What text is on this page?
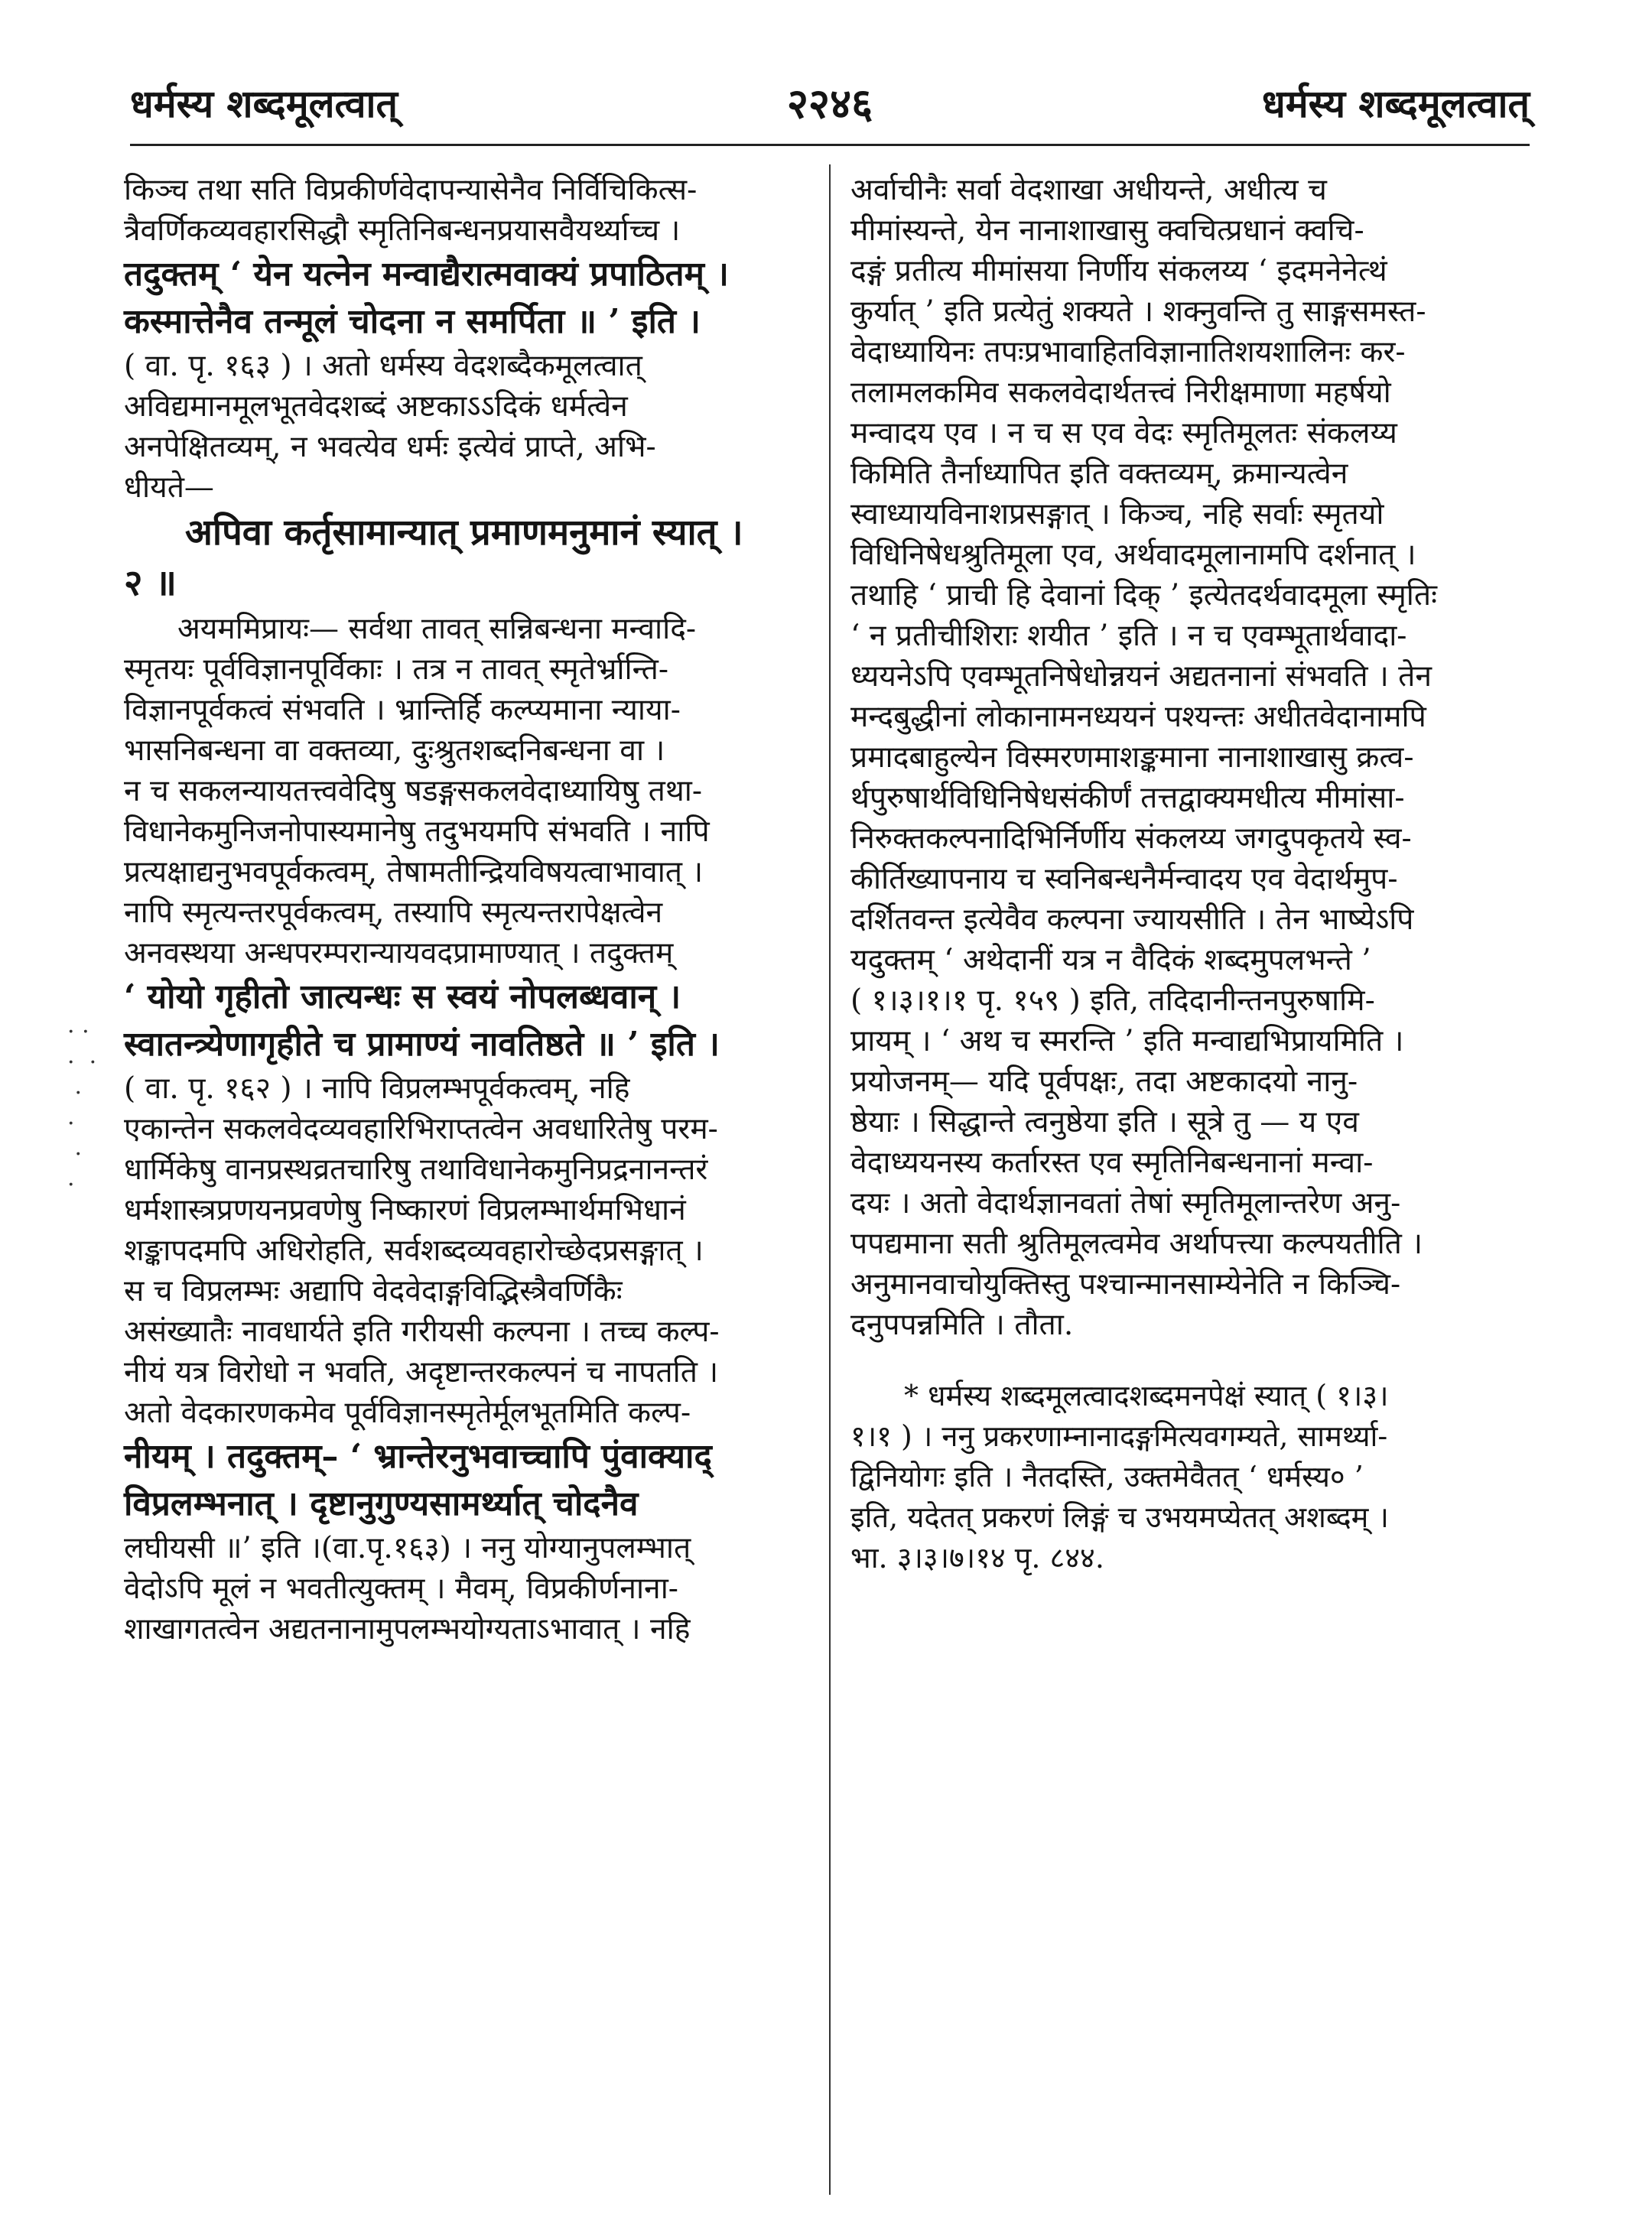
धर्मस्य शब्दमूलत्वात्	२२४६	धर्मस्य शब्दमूलत्वात्
· ·
·  ·
·
·
·
·
किञ्च तथा सति विप्रकीर्णवेदापन्यासेनैव निर्विचिकित्स-
त्रैवर्णिकव्यवहारसिद्धौ स्मृतिनिबन्धनप्रयासवैयर्थ्याच्च ।
तदुक्तम् ‘ येन यत्नेन मन्वाद्यैरात्मवाक्यं प्रपाठितम् ।
कस्मात्तेनैव तन्मूलं चोदना न समर्पिता ॥ ’ इति ।
( वा. पृ. १६३ ) । अतो धर्मस्य वेदशब्दैकमूलत्वात्
अविद्यमानमूलभूतवेदशब्दं अष्टकाऽऽदिकं धर्मत्वेन
अनपेक्षितव्यम्, न भवत्येव धर्मः इत्येवं प्राप्ते, अभि-
धीयते—
अपिवा कर्तृसामान्यात् प्रमाणमनुमानं स्यात् ।
२ ॥
अयममिप्रायः— सर्वथा तावत् सन्निबन्धना मन्वादि-
स्मृतयः पूर्वविज्ञानपूर्विकाः । तत्र न तावत् स्मृतेर्भ्रान्ति-
विज्ञानपूर्वकत्वं संभवति । भ्रान्तिर्हि कल्प्यमाना न्याया-
भासनिबन्धना वा वक्तव्या, दुःश्रुतशब्दनिबन्धना वा ।
न च सकलन्यायतत्त्ववेदिषु षडङ्गसकलवेदाध्यायिषु तथा-
विधानेकमुनिजनोपास्यमानेषु तदुभयमपि संभवति । नापि
प्रत्यक्षाद्यनुभवपूर्वकत्वम्, तेषामतीन्द्रियविषयत्वाभावात् ।
नापि स्मृत्यन्तरपूर्वकत्वम्, तस्यापि स्मृत्यन्तरापेक्षत्वेन
अनवस्थया अन्धपरम्परान्यायवदप्रामाण्यात् । तदुक्तम्
‘ योयो गृहीतो जात्यन्धः स स्वयं नोपलब्धवान् ।
स्वातन्त्र्येणागृहीते च प्रामाण्यं नावतिष्ठते ॥ ’ इति ।
( वा. पृ. १६२ ) । नापि विप्रलम्भपूर्वकत्वम्, नहि
एकान्तेन सकलवेदव्यवहारिभिराप्तत्वेन अवधारितेषु परम-
धार्मिकेषु वानप्रस्थव्रतचारिषु तथाविधानेकमुनिप्रद्रनानन्तरं
धर्मशास्त्रप्रणयनप्रवणेषु निष्कारणं विप्रलम्भार्थमभिधानं
शङ्कापदमपि अधिरोहति, सर्वशब्दव्यवहारोच्छेदप्रसङ्गात् ।
स च विप्रलम्भः अद्यापि वेदवेदाङ्गविद्भिस्त्रैवर्णिकैः
असंख्यातैः नावधार्यते इति गरीयसी कल्पना । तच्च कल्प-
नीयं यत्र विरोधो न भवति, अदृष्टान्तरकल्पनं च नापतति ।
अतो वेदकारणकमेव पूर्वविज्ञानस्मृतेर्मूलभूतमिति कल्प-
नीयम् । तदुक्तम्– ‘ भ्रान्तेरनुभवाच्चापि पुंवाक्याद्
विप्रलम्भनात् । दृष्टानुगुण्यसामर्थ्यात् चोदनैव
लघीयसी ॥’ इति ।(वा.पृ.१६३) । ननु योग्यानुपलम्भात्
वेदोऽपि मूलं न भवतीत्युक्तम् । मैवम्, विप्रकीर्णनाना-
शाखागतत्वेन अद्यतनानामुपलम्भयोग्यताऽभावात् । नहि
अर्वाचीनैः सर्वा वेदशाखा अधीयन्ते, अधीत्य च
मीमांस्यन्ते, येन नानाशाखासु क्वचित्प्रधानं क्वचि-
दङ्गं प्रतीत्य मीमांसया निर्णीय संकलय्य ‘ इदमनेनेत्थं
कुर्यात् ’ इति प्रत्येतुं शक्यते । शक्नुवन्ति तु साङ्गसमस्त-
वेदाध्यायिनः तपःप्रभावाहितविज्ञानातिशयशालिनः कर-
तलामलकमिव सकलवेदार्थतत्त्वं निरीक्षमाणा महर्षयो
मन्वादय एव । न च स एव वेदः स्मृतिमूलतः संकलय्य
किमिति तैर्नाध्यापित इति वक्तव्यम्, क्रमान्यत्वेन
स्वाध्यायविनाशप्रसङ्गात् । किञ्च, नहि सर्वाः स्मृतयो
विधिनिषेधश्रुतिमूला एव, अर्थवादमूलानामपि दर्शनात् ।
तथाहि ‘ प्राची हि देवानां दिक् ’ इत्येतदर्थवादमूला स्मृतिः
‘ न प्रतीचीशिराः शयीत ’ इति । न च एवम्भूतार्थवादा-
ध्ययनेऽपि एवम्भूतनिषेधोन्नयनं अद्यतनानां संभवति । तेन
मन्दबुद्धीनां लोकानामनध्ययनं पश्यन्तः अधीतवेदानामपि
प्रमादबाहुल्येन विस्मरणमाशङ्कमाना नानाशाखासु क्रत्व-
र्थपुरुषार्थविधिनिषेधसंकीर्णं तत्तद्वाक्यमधीत्य मीमांसा-
निरुक्तकल्पनादिभिर्निर्णीय संकलय्य जगदुपकृतये स्व-
कीर्तिख्यापनाय च स्वनिबन्धनैर्मन्वादय एव वेदार्थमुप-
दर्शितवन्त इत्येवैव कल्पना ज्यायसीति । तेन भाष्येऽपि
यदुक्तम् ‘ अथेदानीं यत्र न वैदिकं शब्दमुपलभन्ते ’
( १।३।१।१ पृ. १५९ ) इति, तदिदानीन्तनपुरुषामि-
प्रायम् । ‘ अथ च स्मरन्ति ’ इति मन्वाद्यभिप्रायमिति ।
प्रयोजनम्— यदि पूर्वपक्षः, तदा अष्टकादयो नानु-
ष्ठेयाः । सिद्धान्ते त्वनुष्ठेया इति । सूत्रे तु — य एव
वेदाध्ययनस्य कर्तारस्त एव स्मृतिनिबन्धनानां मन्वा-
दयः । अतो वेदार्थज्ञानवतां तेषां स्मृतिमूलान्तरेण अनु-
पपद्यमाना सती श्रुतिमूलत्वमेव अर्थापत्त्या कल्पयतीति ।
अनुमानवाचोयुक्तिस्तु पश्चान्मानसाम्येनेति न किञ्चि-
दनुपपन्नमिति । तौता.
* धर्मस्य शब्दमूलत्वादशब्दमनपेक्षं स्यात् ( १।३।
१।१ ) । ननु प्रकरणाम्नानादङ्गमित्यवगम्यते, सामर्थ्या-
द्विनियोगः इति । नैतदस्ति, उक्तमेवैतत् ‘ धर्मस्य० ’
इति, यदेतत् प्रकरणं लिङ्गं च उभयमप्येतत् अशब्दम् ।
भा. ३।३।७।१४ पृ. ८४४.
